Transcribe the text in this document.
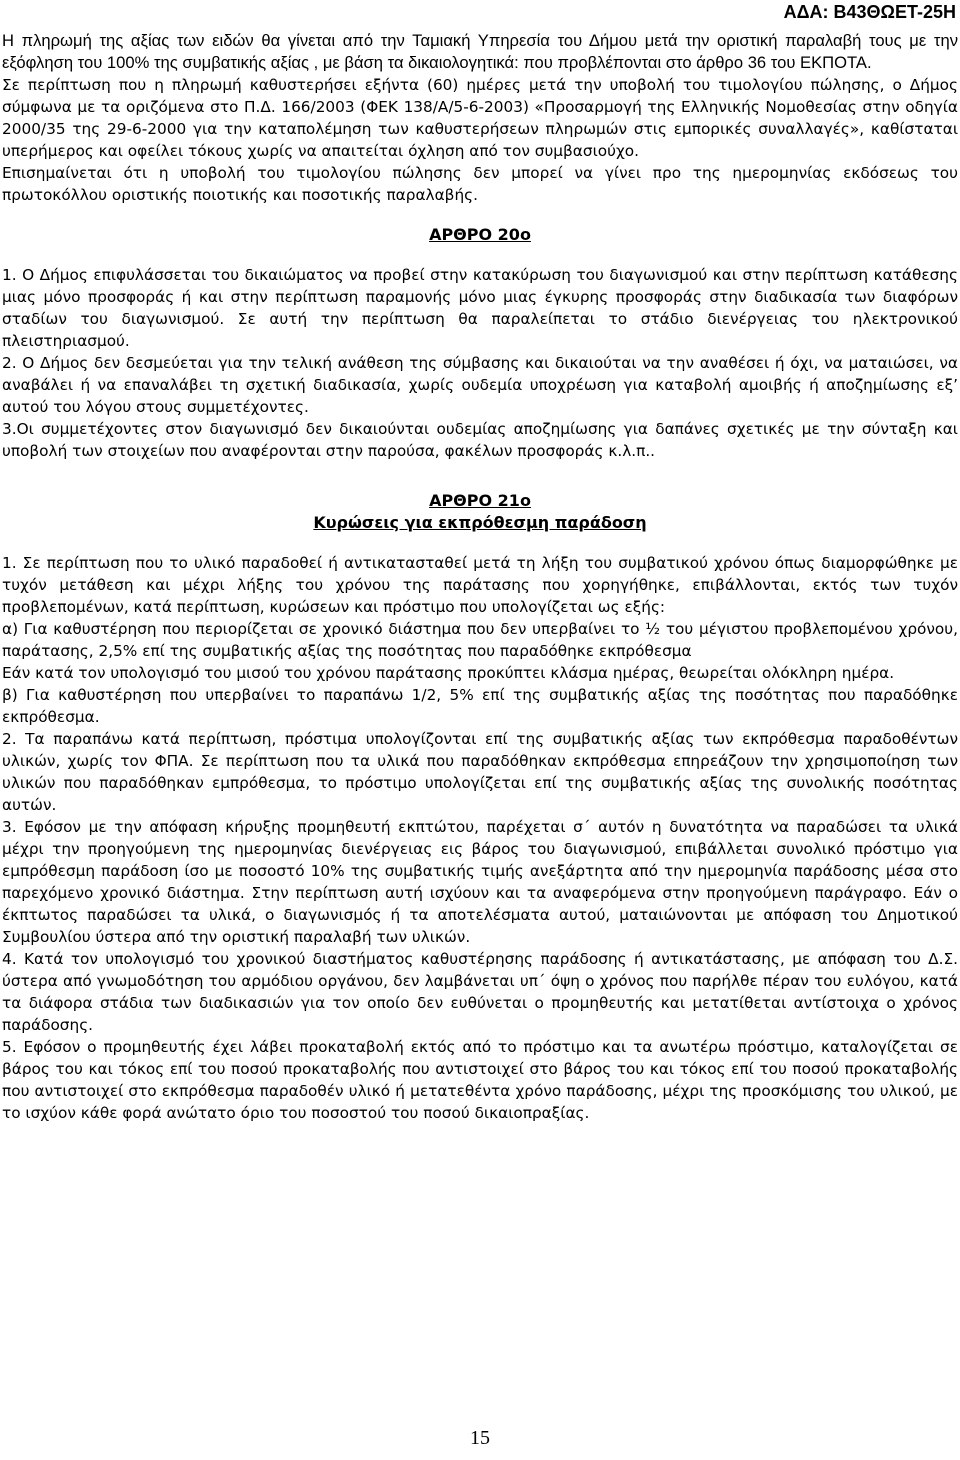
ΑΔΑ: Β43ΘΩΕΤ-25Η

Η πληρωμή της αξίας των ειδών θα γίνεται από την Ταμιακή Υπηρεσία του Δήμου μετά την οριστική παραλαβή τους με την εξόφληση του 100% της συμβατικής αξίας , με βάση τα δικαιολογητικά: που προβλέπονται στο άρθρο 36 του ΕΚΠΟΤΑ.

Σε περίπτωση που η πληρωμή καθυστερήσει εξήντα (60) ημέρες μετά την υποβολή του τιμολογίου πώλησης, ο Δήμος σύμφωνα με τα οριζόμενα στο Π.Δ. 166/2003 (ΦΕΚ 138/Α/5-6-2003) «Προσαρμογή της Ελληνικής Νομοθεσίας στην οδηγία 2000/35 της 29-6-2000 για την καταπολέμηση των καθυστερήσεων πληρωμών στις εμπορικές συναλλαγές», καθίσταται υπερήμερος και οφείλει τόκους χωρίς να απαιτείται όχληση από τον συμβασιούχο.

Επισημαίνεται ότι η υποβολή του τιμολογίου πώλησης δεν μπορεί να γίνει προ της ημερομηνίας εκδόσεως του πρωτοκόλλου οριστικής ποιοτικής και ποσοτικής παραλαβής.

ΑΡΘΡΟ 20ο

1. Ο Δήμος επιφυλάσσεται του δικαιώματος να προβεί στην κατακύρωση του διαγωνισμού και στην περίπτωση κατάθεσης μιας μόνο προσφοράς ή και στην περίπτωση παραμονής μόνο μιας έγκυρης προσφοράς στην διαδικασία των διαφόρων σταδίων του διαγωνισμού. Σε αυτή την περίπτωση θα παραλείπεται το στάδιο διενέργειας του ηλεκτρονικού πλειστηριασμού.

2. Ο Δήμος δεν δεσμεύεται για την τελική ανάθεση της σύμβασης και δικαιούται να την αναθέσει ή όχι, να ματαιώσει, να αναβάλει ή να επαναλάβει τη σχετική διαδικασία, χωρίς ουδεμία υποχρέωση για καταβολή αμοιβής ή αποζημίωσης εξ’ αυτού του λόγου στους συμμετέχοντες.

3.Οι συμμετέχοντες στον διαγωνισμό δεν δικαιούνται ουδεμίας αποζημίωσης για δαπάνες σχετικές με την σύνταξη και υποβολή των στοιχείων που αναφέρονται στην παρούσα, φακέλων προσφοράς κ.λ.π..

ΑΡΘΡΟ 21ο
Κυρώσεις για εκπρόθεσμη παράδοση

1. Σε περίπτωση που το υλικό παραδοθεί ή αντικατασταθεί μετά τη λήξη του συμβατικού χρόνου όπως διαμορφώθηκε με τυχόν μετάθεση και μέχρι λήξης του χρόνου της παράτασης που χορηγήθηκε, επιβάλλονται, εκτός των τυχόν προβλεπομένων, κατά περίπτωση, κυρώσεων και πρόστιμο που υπολογίζεται ως εξής:

α) Για καθυστέρηση που περιορίζεται σε χρονικό διάστημα που δεν υπερβαίνει το ½ του μέγιστου προβλεπομένου χρόνου, παράτασης, 2,5% επί της συμβατικής αξίας της ποσότητας που παραδόθηκε εκπρόθεσμα

Εάν κατά τον υπολογισμό του μισού του χρόνου παράτασης προκύπτει κλάσμα ημέρας, θεωρείται ολόκληρη ημέρα.

β) Για καθυστέρηση που υπερβαίνει το παραπάνω 1/2, 5% επί της συμβατικής αξίας της ποσότητας που παραδόθηκε εκπρόθεσμα.

2. Τα παραπάνω κατά περίπτωση, πρόστιμα υπολογίζονται επί της συμβατικής αξίας των εκπρόθεσμα παραδοθέντων υλικών, χωρίς τον ΦΠΑ. Σε περίπτωση που τα υλικά που παραδόθηκαν εκπρόθεσμα επηρεάζουν την χρησιμοποίηση των υλικών που παραδόθηκαν εμπρόθεσμα, το πρόστιμο υπολογίζεται επί της συμβατικής αξίας της συνολικής ποσότητας αυτών.

3. Εφόσον με την απόφαση κήρυξης προμηθευτή εκπτώτου, παρέχεται σ΄ αυτόν η δυνατότητα να παραδώσει τα υλικά μέχρι την προηγούμενη της ημερομηνίας διενέργειας εις βάρος του διαγωνισμού, επιβάλλεται συνολικό πρόστιμο για εμπρόθεσμη παράδοση ίσο με ποσοστό 10% της συμβατικής τιμής ανεξάρτητα από την ημερομηνία παράδοσης μέσα στο παρεχόμενο χρονικό διάστημα. Στην περίπτωση αυτή ισχύουν και τα αναφερόμενα στην προηγούμενη παράγραφο. Εάν ο έκπτωτος παραδώσει τα υλικά, ο διαγωνισμός ή τα αποτελέσματα αυτού, ματαιώνονται με απόφαση του Δημοτικού Συμβουλίου ύστερα από την οριστική παραλαβή των υλικών.

4. Κατά τον υπολογισμό του χρονικού διαστήματος καθυστέρησης παράδοσης ή αντικατάστασης, με απόφαση του Δ.Σ. ύστερα από γνωμοδότηση του αρμόδιου οργάνου, δεν λαμβάνεται υπ΄ όψη ο χρόνος που παρήλθε πέραν του ευλόγου, κατά τα διάφορα στάδια των διαδικασιών για τον οποίο δεν ευθύνεται ο προμηθευτής και μετατίθεται αντίστοιχα ο χρόνος παράδοσης.

5. Εφόσον ο προμηθευτής έχει λάβει προκαταβολή εκτός από το πρόστιμο και τα ανωτέρω πρόστιμο, καταλογίζεται σε βάρος του και τόκος επί του ποσού προκαταβολής που αντιστοιχεί στο βάρος του και τόκος επί του ποσού προκαταβολής που αντιστοιχεί στο εκπρόθεσμα παραδοθέν υλικό ή μετατεθέντα χρόνο παράδοσης, μέχρι της προσκόμισης του υλικού, με το ισχύον κάθε φορά ανώτατο όριο του ποσοστού του ποσού δικαιοπραξίας.

15
